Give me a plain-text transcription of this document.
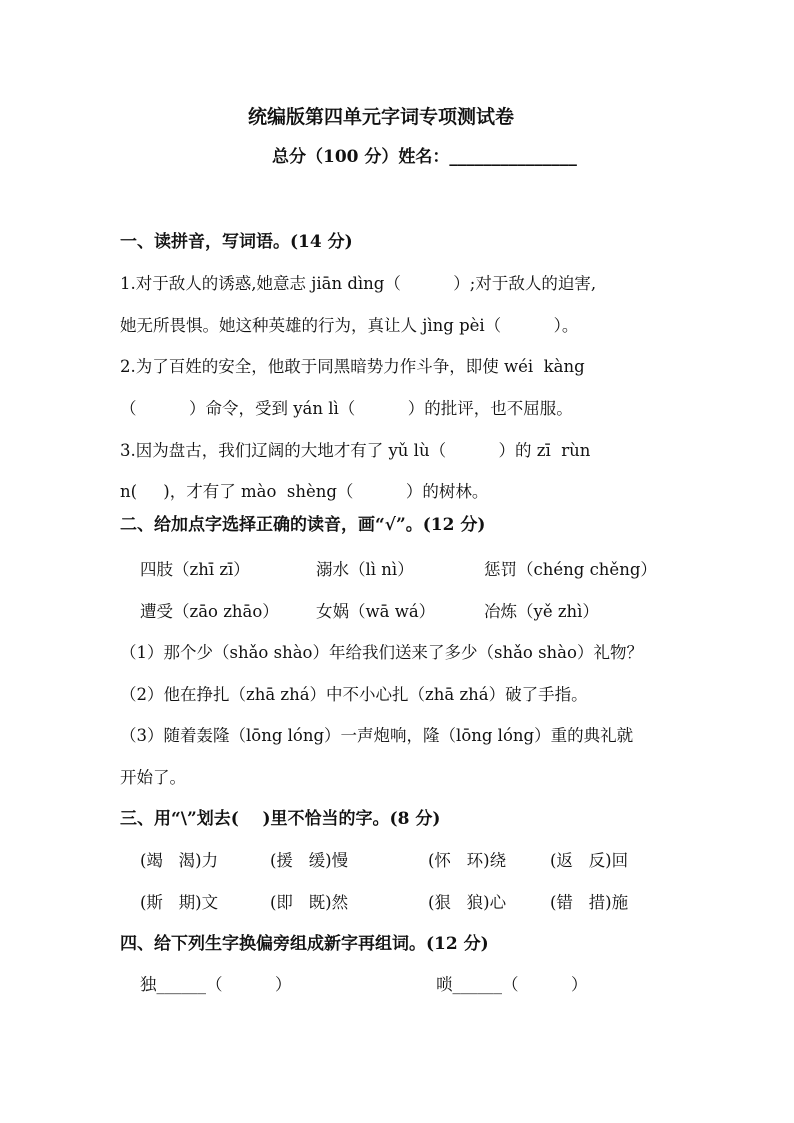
统编版第四单元字词专项测试卷
总分（100 分）姓名：_______________
一、读拼音，写词语。(14 分)
1.对于敌人的诱惑,她意志 jiān dìng（          ）;对于敌人的迫害,
她无所畏惧。她这种英雄的行为，真让人 jìng pèi（          ）。
2.为了百姓的安全，他敢于同黑暗势力作斗争，即使 wéi  kàng
（          ）命令，受到 yán lì（          ）的批评，也不屈服。
3.因为盘古，我们辽阔的大地才有了 yǔ lù（          ）的 zī  rùn
n(     )，才有了 mào  shèng（          ）的树林。
二、给加点字选择正确的读音，画“√”。(12 分)
四肢（zhī zī）	溺水（lì nì）	惩罚（chéng chěng）
遭受（zāo zhāo） 女娲（wā wá）	冶炼（yě zhì）
（1）那个少（shǎo shào）年给我们送来了多少（shǎo shào）礼物？
（2）他在挣扎（zhā zhá）中不小心扎（zhā zhá）破了手指。
（3）随着轰隆（lōng lóng）一声炮响，隆（lōng lóng）重的典礼就
开始了。
三、用“\”划去(    )里不恰当的字。(8 分)
(竭   渴)力	(援   缓)慢	(怀   环)绕	(返   反)回
(斯   期)文	(即   既)然	(狠   狼)心	(错   措)施
四、给下列生字换偏旁组成新字再组词。(12 分)
独______（          ）	唢______（          ）
